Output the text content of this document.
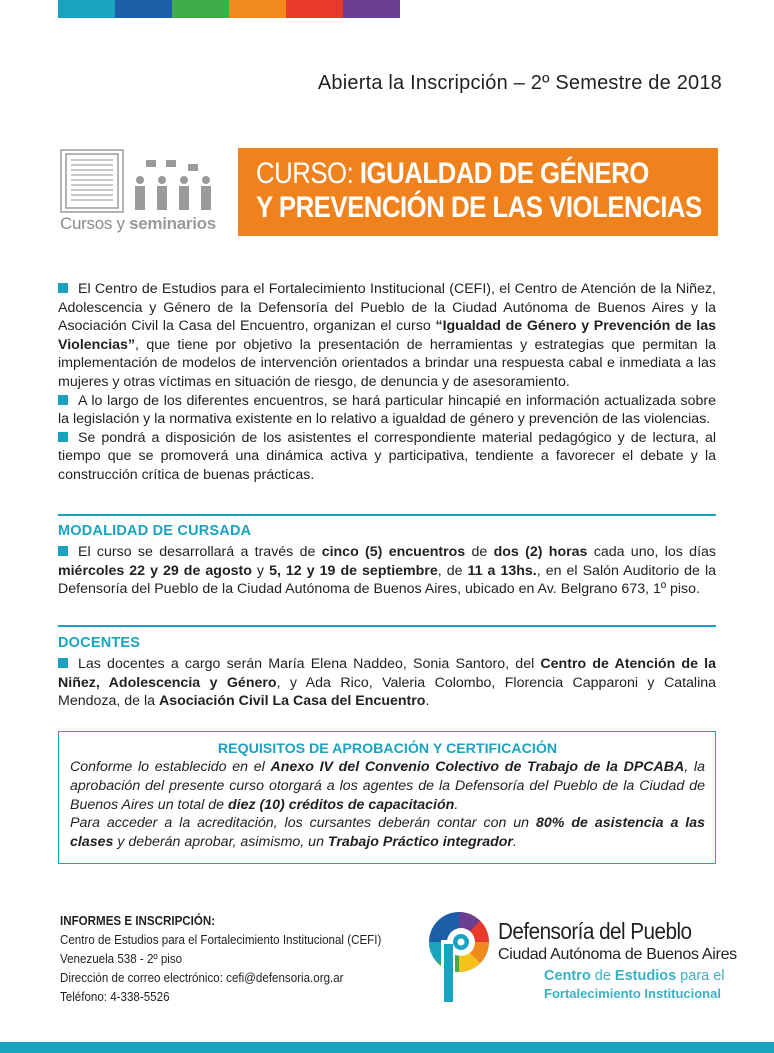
Abierta la Inscripción – 2º Semestre de 2018
Cursos y seminarios
CURSO: IGUALDAD DE GÉNERO
Y PREVENCIÓN DE LAS VIOLENCIAS
El Centro de Estudios para el Fortalecimiento Institucional (CEFI), el Centro de Atención de la Niñez, Adolescencia y Género de la Defensoría del Pueblo de la Ciudad Autónoma de Buenos Aires y la Asociación Civil la Casa del Encuentro, organizan el curso “Igualdad de Género y Prevención de las Violencias”, que tiene por objetivo la presentación de herramientas y estrategias que permitan la implementación de modelos de intervención orientados a brindar una respuesta cabal e inmediata a las mujeres y otras víctimas en situación de riesgo, de denuncia y de asesoramiento.
A lo largo de los diferentes encuentros, se hará particular hincapié en información actualizada sobre la legislación y la normativa existente en lo relativo a igualdad de género y prevención de las violencias.
Se pondrá a disposición de los asistentes el correspondiente material pedagógico y de lectura, al tiempo que se promoverá una dinámica activa y participativa, tendiente a favorecer el debate y la construcción crítica de buenas prácticas.
MODALIDAD DE CURSADA
El curso se desarrollará a través de cinco (5) encuentros de dos (2) horas cada uno, los días miércoles 22 y 29 de agosto y 5, 12 y 19 de septiembre, de 11 a 13hs., en el Salón Auditorio de la Defensoría del Pueblo de la Ciudad Autónoma de Buenos Aires, ubicado en Av. Belgrano 673, 1º piso.
DOCENTES
Las docentes a cargo serán María Elena Naddeo, Sonia Santoro, del Centro de Atención de la Niñez, Adolescencia y Género, y Ada Rico, Valeria Colombo, Florencia Capparoni y Catalina Mendoza, de la Asociación Civil La Casa del Encuentro.
REQUISITOS DE APROBACIÓN Y CERTIFICACIÓN

Conforme lo establecido en el Anexo IV del Convenio Colectivo de Trabajo de la DPCABA, la aprobación del presente curso otorgará a los agentes de la Defensoría del Pueblo de la Ciudad de Buenos Aires un total de diez (10) créditos de capacitación.

Para acceder a la acreditación, los cursantes deberán contar con un 80% de asistencia a las clases y deberán aprobar, asimismo, un Trabajo Práctico integrador.

INFORMES E INSCRIPCIÓN:
Centro de Estudios para el Fortalecimiento Institucional (CEFI)
Venezuela 538 - 2º piso
Dirección de correo electrónico: cefi@defensoria.org.ar
Teléfono: 4-338-5526
Defensoría del Pueblo
Ciudad Autónoma de Buenos Aires
Centro de Estudios para el
Fortalecimiento Institucional
